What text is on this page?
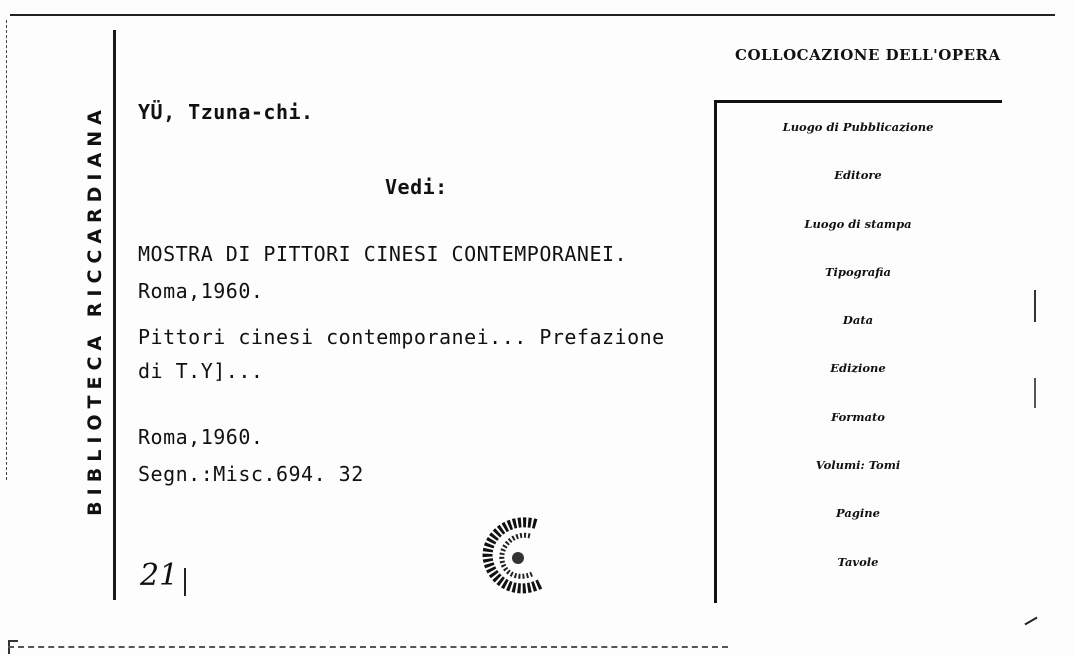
BIBLIOTECA RICCARDIANA YÜ, Tzuna-chi.
Vedi:
MOSTRA DI PITTORI CINESI CONTEMPORANEI.
Roma,1960.
Pittori cinesi contemporanei... Prefazione
di T.Y]...
Roma,1960.
Segn.:Misc.694. 32
21
COLLOCAZIONE DELL'OPERA
Luogo di Pubblicazione
Editore
Luogo di stampa
Tipografia
Data
Edizione
Formato
Volumi: Tomi
Pagine
Tavole
